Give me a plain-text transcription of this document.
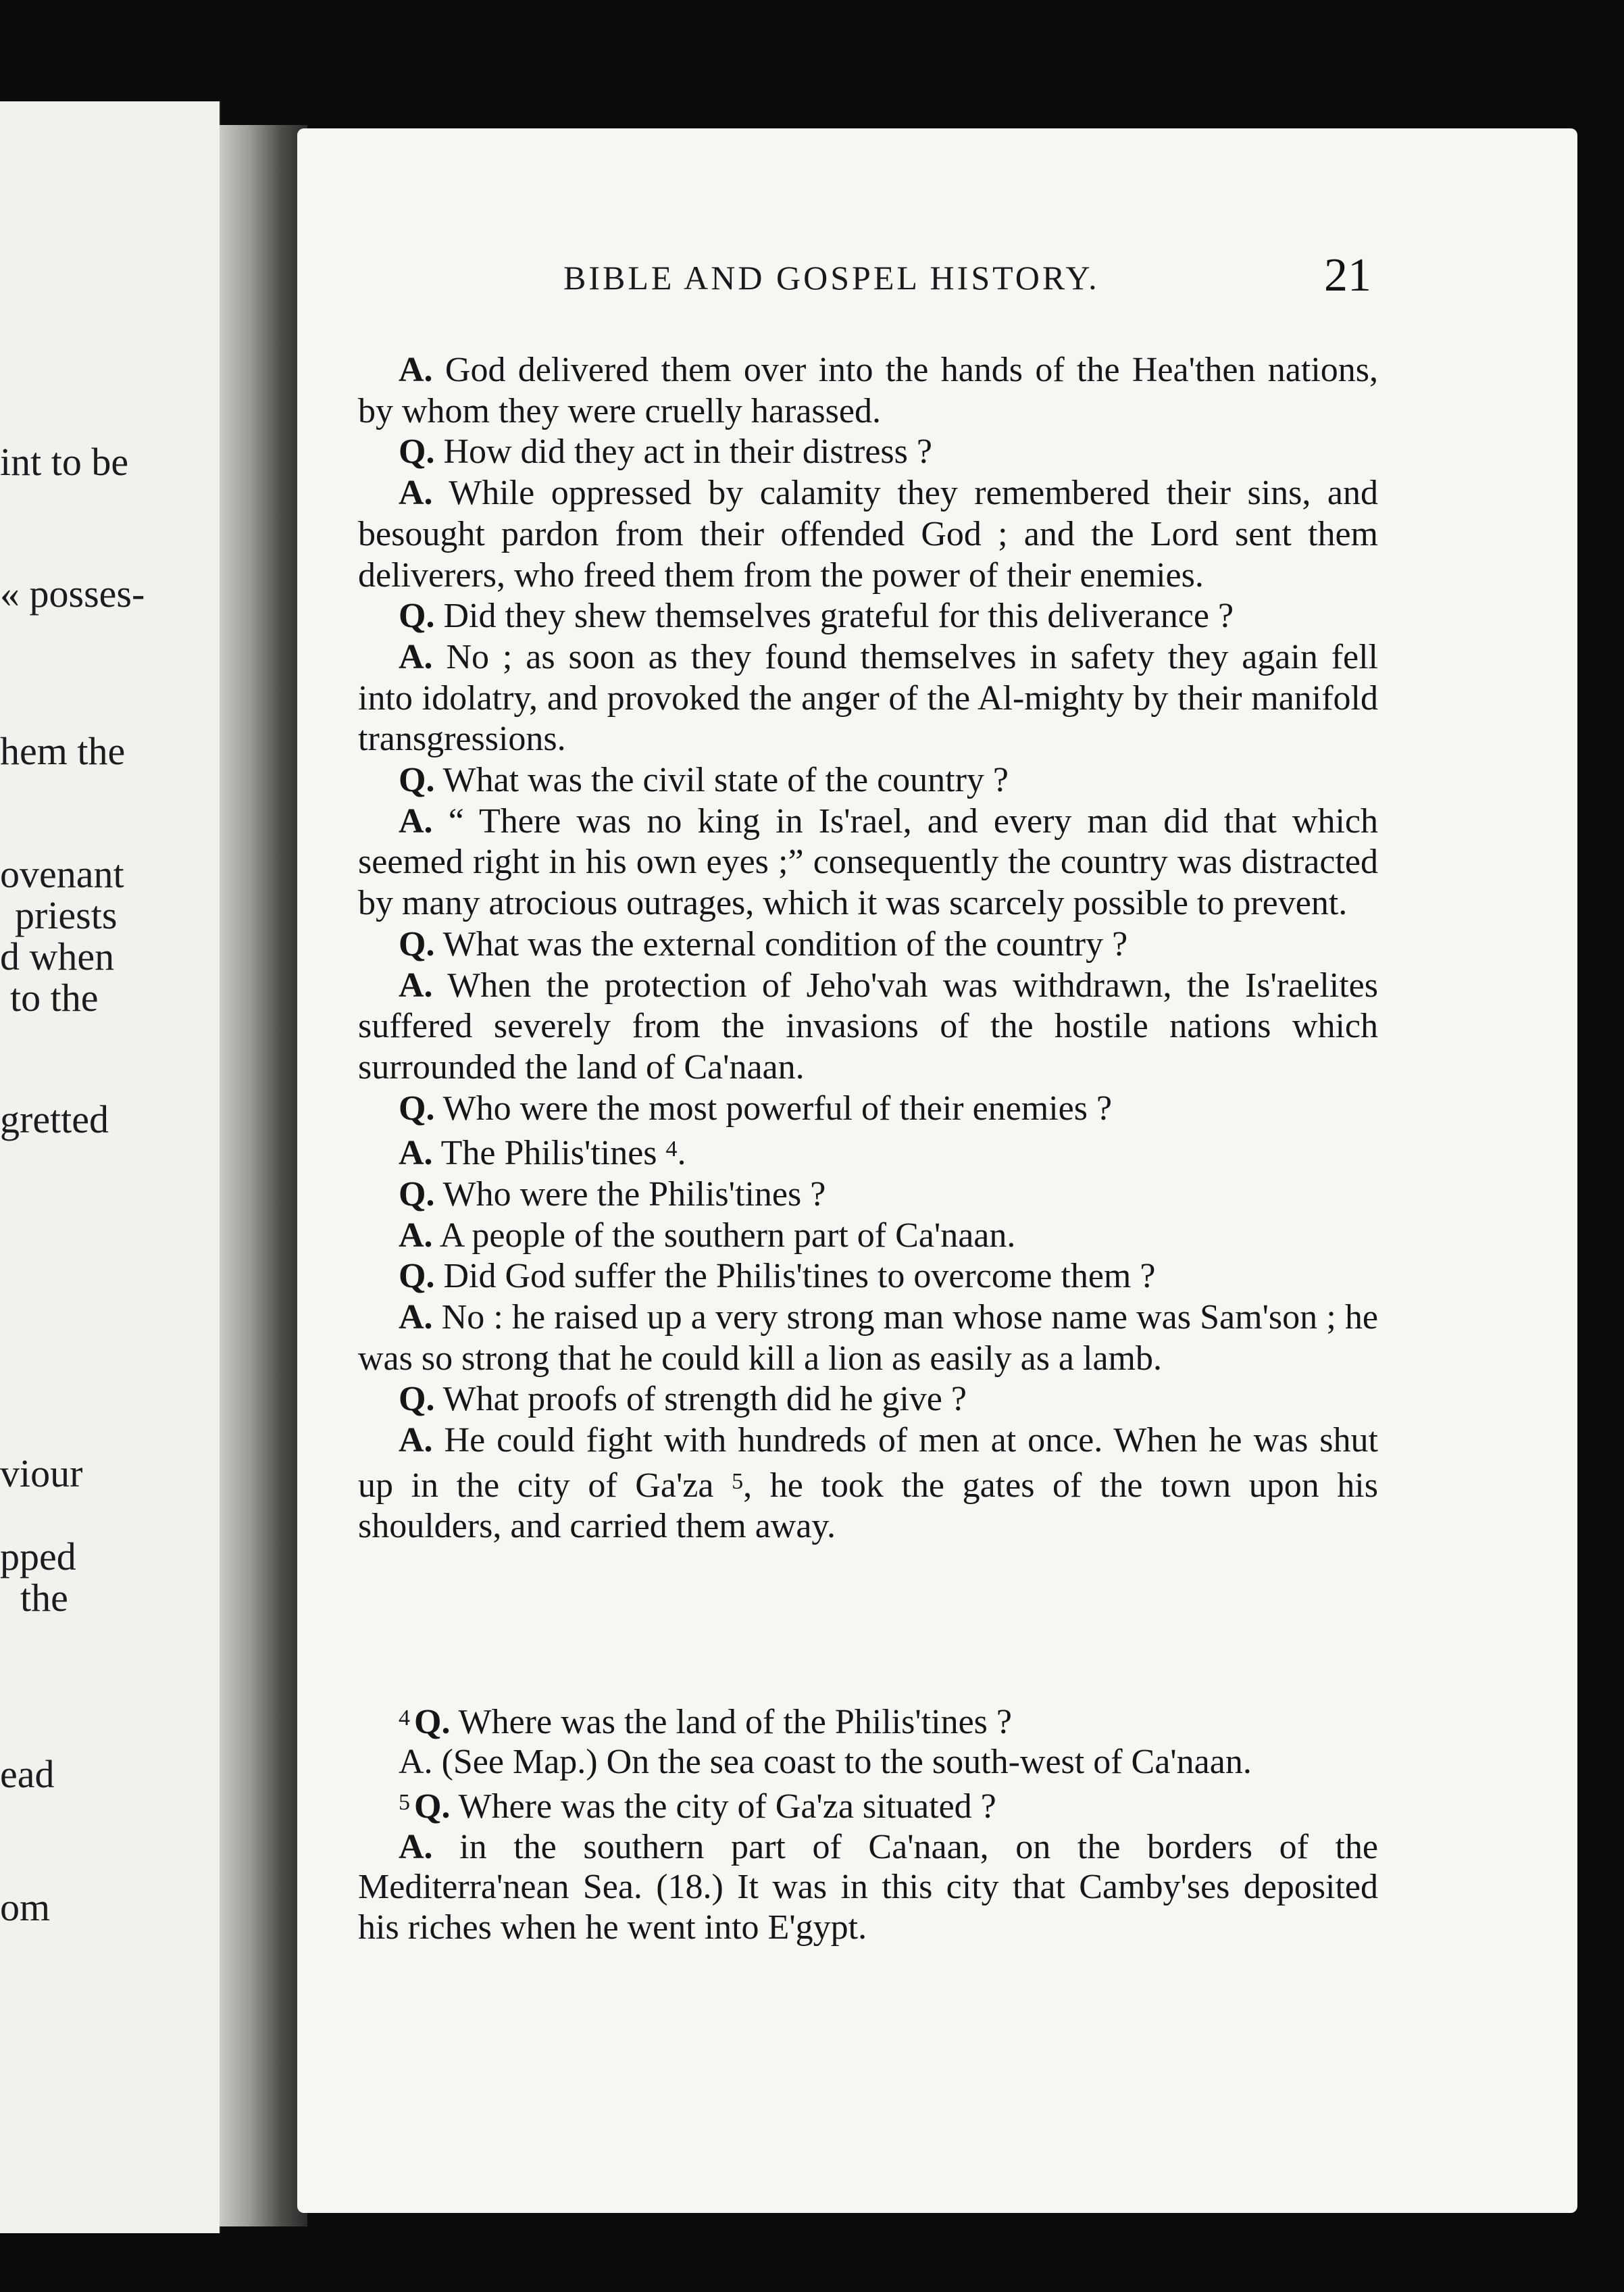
int to be
« posses-
hem the
ovenant
priests
d when
to the
gretted
viour
pped
the
ead
om
BIBLE AND GOSPEL HISTORY.	21

A. God delivered them over into the hands of the Hea'then nations, by whom they were cruelly harassed.

Q. How did they act in their distress ?

A. While oppressed by calamity they remembered their sins, and besought pardon from their offended God ; and the Lord sent them deliverers, who freed them from the power of their enemies.

Q. Did they shew themselves grateful for this deliverance ?

A. No ; as soon as they found themselves in safety they again fell into idolatry, and provoked the anger of the Al-mighty by their manifold transgressions.

Q. What was the civil state of the country ?

A. “ There was no king in Is'rael, and every man did that which seemed right in his own eyes ;” consequently the country was distracted by many atrocious outrages, which it was scarcely possible to prevent.

Q. What was the external condition of the country ?

A. When the protection of Jeho'vah was withdrawn, the Is'raelites suffered severely from the invasions of the hostile nations which surrounded the land of Ca'naan.

Q. Who were the most powerful of their enemies ?

A. The Philis'tines $^4$.

Q. Who were the Philis'tines ?

A. A people of the southern part of Ca'naan.

Q. Did God suffer the Philis'tines to overcome them ?

A. No : he raised up a very strong man whose name was Sam'son ; he was so strong that he could kill a lion as easily as a lamb.

Q. What proofs of strength did he give ?

A. He could fight with hundreds of men at once. When he was shut up in the city of Ga'za $^5$, he took the gates of the town upon his shoulders, and carried them away.

$^4$ Q. Where was the land of the Philis'tines ?

A. (See Map.) On the sea coast to the south-west of Ca'naan.

$^5$ Q. Where was the city of Ga'za situated ?

A. in the southern part of Ca'naan, on the borders of the Mediterra'nean Sea. (18.) It was in this city that Camby'ses deposited his riches when he went into E'gypt.
